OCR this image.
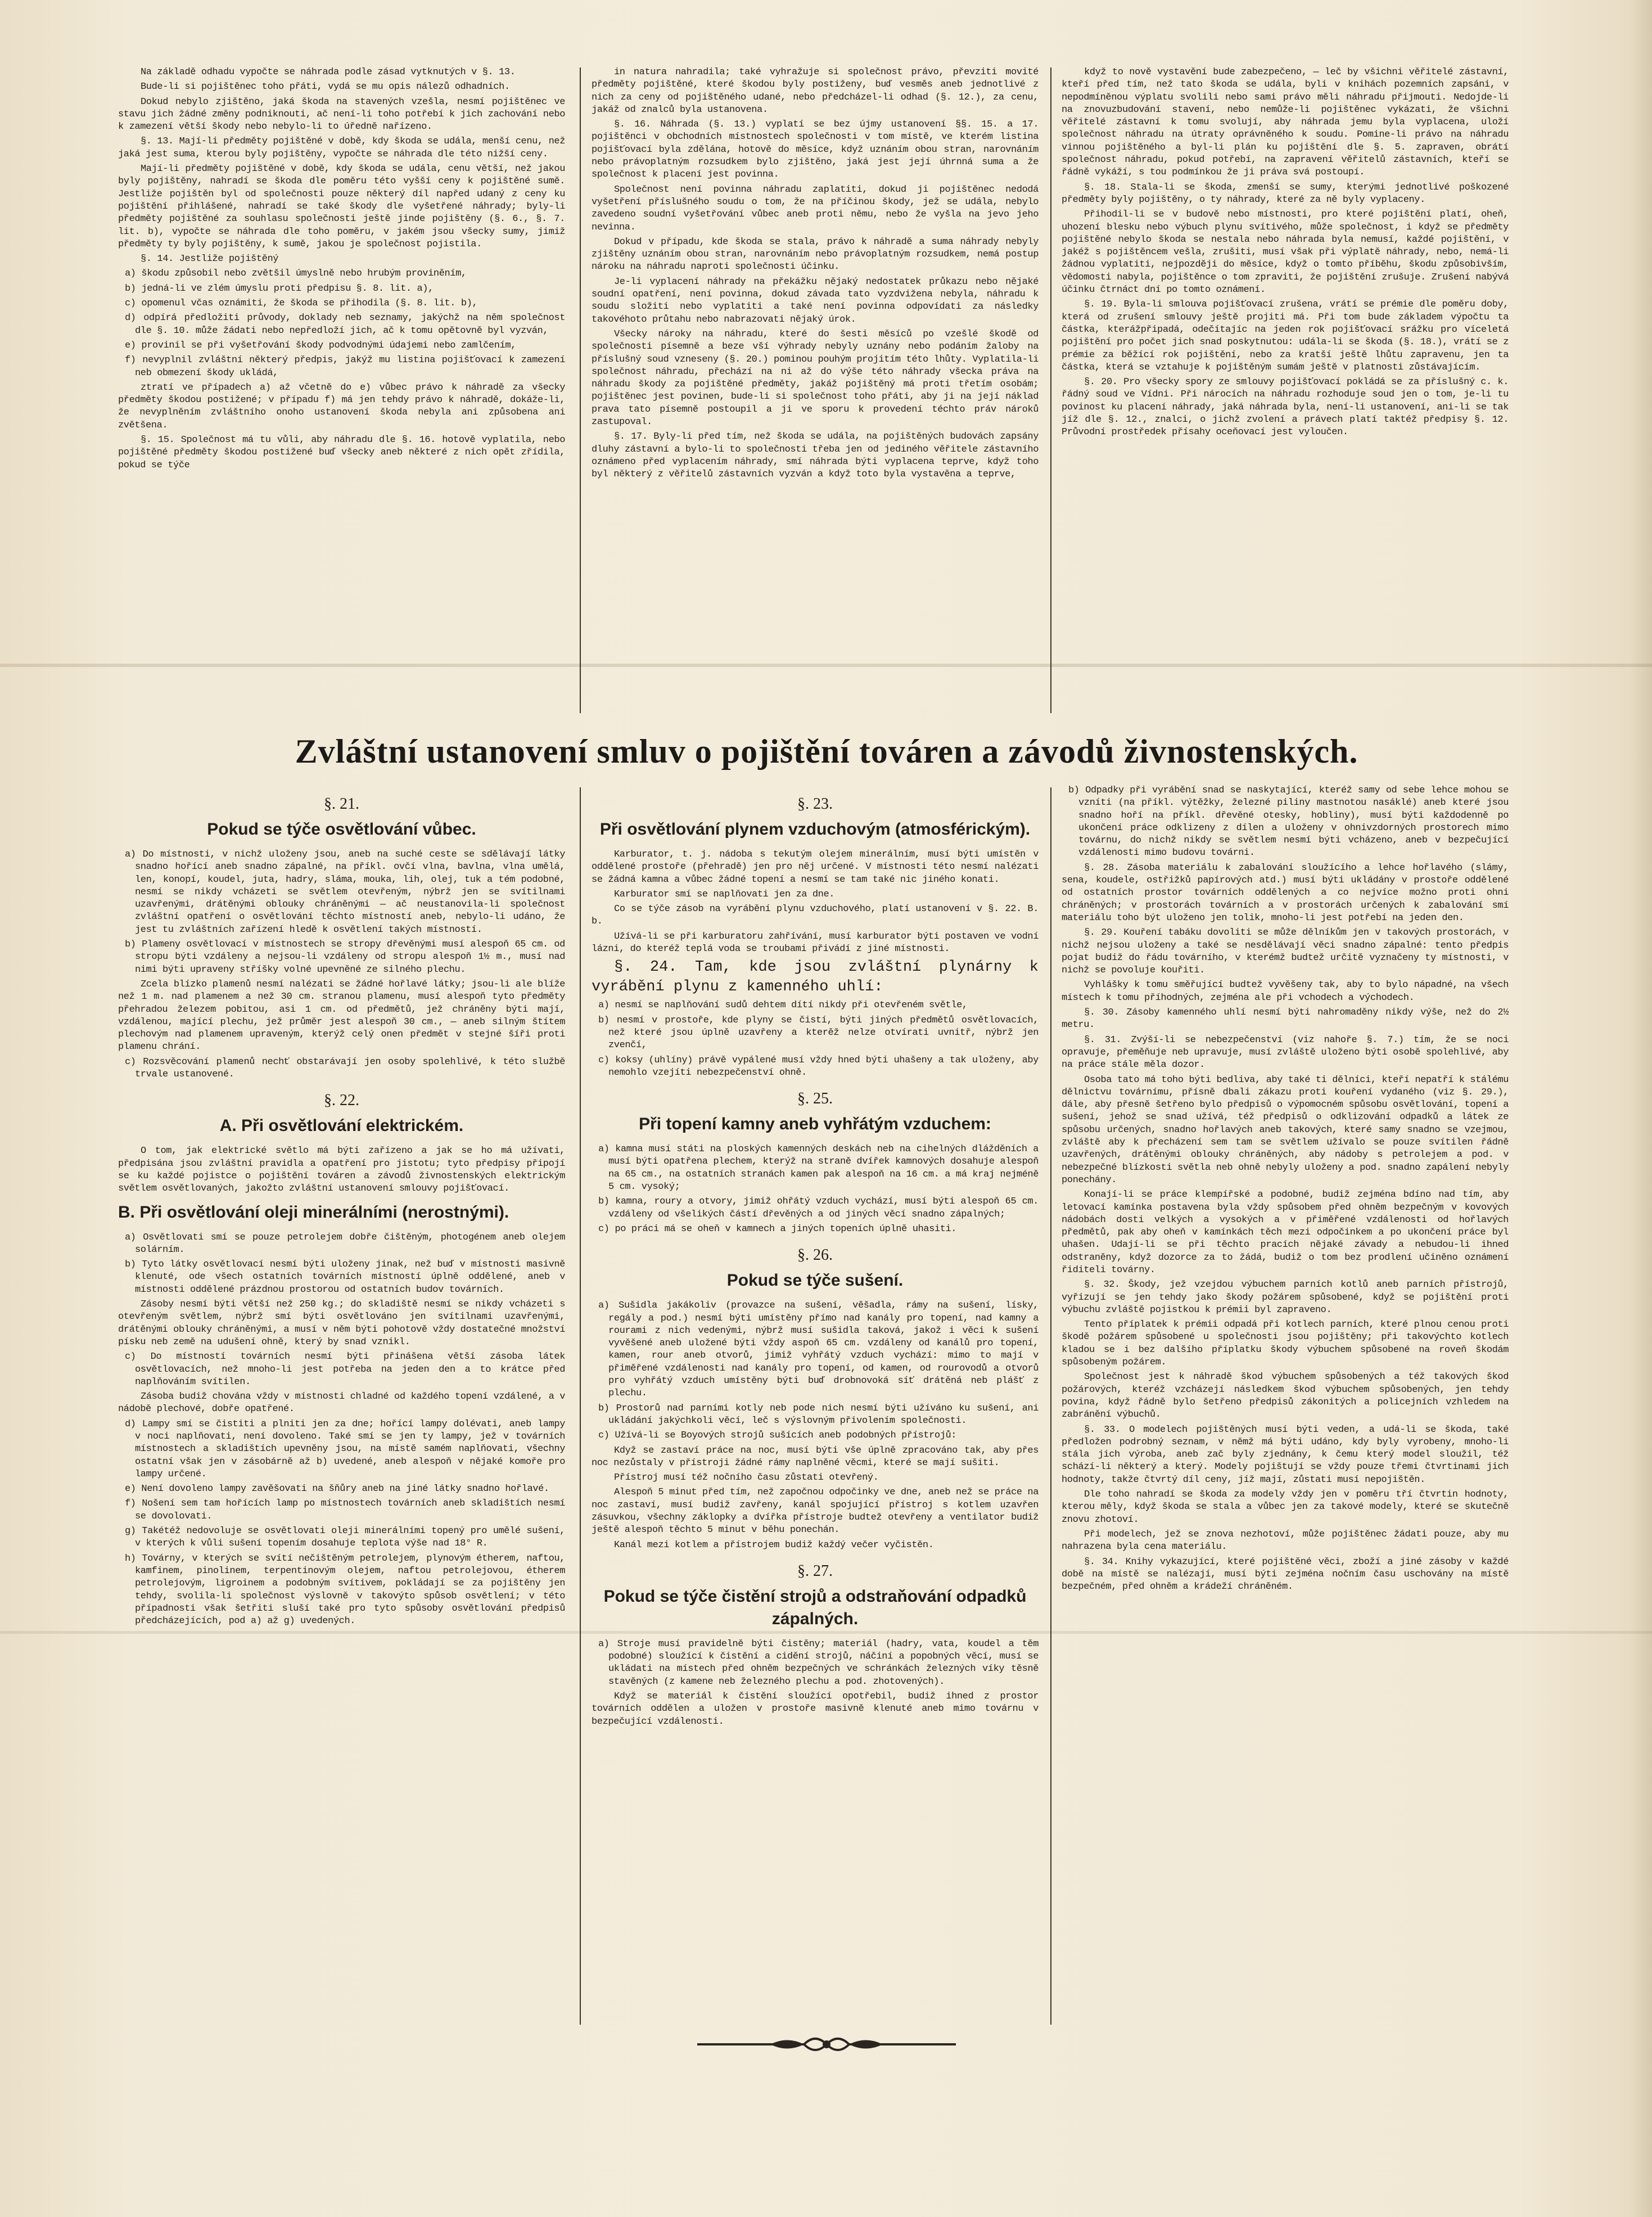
Na základě odhadu vypočte se náhrada podle zásad vytknutých v §. 13.

Bude-li si pojištěnec toho přáti, vydá se mu opis nálezů odhadních.

Dokud nebylo zjištěno, jaká škoda na stavených vzešla, nesmí pojištěnec ve stavu jich žádné změny podniknouti, ač není-li toho potřebí k jich zachování nebo k zamezení větší škody nebo nebylo-li to úředně nařízeno.

§. 13. Mají-li předměty pojištěné v době, kdy škoda se udála, menší cenu, než jaká jest suma, kterou byly pojištěny, vypočte se náhrada dle této nižší ceny.

Mají-li předměty pojištěné v době, kdy škoda se udála, cenu větší, než jakou byly pojištěny, nahradí se škoda dle poměru této vyšší ceny k pojištěné sumě. Jestliže pojištěn byl od společnosti pouze některý díl napřed udaný z ceny ku pojištění přihlášené, nahradí se také škody dle vyšetřené náhrady; byly-li předměty pojištěné za souhlasu společnosti ještě jinde pojištěny (§. 6., §. 7. lit. b), vypočte se náhrada dle toho poměru, v jakém jsou všecky sumy, jimiž předměty ty byly pojištěny, k sumě, jakou je společnost pojistila.

§. 14. Jestliže pojištěný

a) škodu způsobil nebo zvětšil úmyslně nebo hrubým proviněním,

b) jedná-li ve zlém úmyslu proti předpisu §. 8. lit. a),

c) opomenul včas oznámiti, že škoda se přihodila (§. 8. lit. b),

d) odpírá předložiti průvody, doklady neb seznamy, jakýchž na něm společnost dle §. 10. může žádati nebo nepředloží jich, ač k tomu opětovně byl vyzván,

e) provinil se při vyšetřování škody podvodnými údajemi nebo zamlčením,

f) nevyplnil zvláštní některý předpis, jakýž mu listina pojišťovací k zamezení neb obmezení škody ukládá,

ztratí ve případech a) až včetně do e) vůbec právo k náhradě za všecky předměty škodou postižené; v případu f) má jen tehdy právo k náhradě, dokáže-li, že nevyplněním zvláštního onoho ustanovení škoda nebyla ani způsobena ani zvětšena.

§. 15. Společnost má tu vůli, aby náhradu dle §. 16. hotově vyplatila, nebo pojištěné předměty škodou postižené buď všecky aneb některé z nich opět zřídila, pokud se týče

in natura nahradila; také vyhražuje si společnost právo, převziti movité předměty pojištěné, které škodou byly postiženy, buď vesměs aneb jednotlivé z nich za ceny od pojištěného udané, nebo předcházel-li odhad (§. 12.), za cenu, jakáž od znalců byla ustanovena.

§. 16. Náhrada (§. 13.) vyplatí se bez újmy ustanovení §§. 15. a 17. pojištěnci v obchodních místnostech společnosti v tom místě, ve kterém listina pojišťovací byla zdělána, hotově do měsíce, když uznáním obou stran, narovnáním nebo právoplatným rozsudkem bylo zjištěno, jaká jest její úhrnná suma a že společnost k placení jest povinna.

Společnost není povinna náhradu zaplatiti, dokud ji pojištěnec nedodá vyšetření příslušného soudu o tom, že na příčinou škody, jež se udála, nebylo zavedeno soudní vyšetřování vůbec aneb proti němu, nebo že vyšla na jevo jeho nevinna.

Dokud v případu, kde škoda se stala, právo k náhradě a suma náhrady nebyly zjištěny uznáním obou stran, narovnáním nebo právoplatným rozsudkem, nemá postup nároku na náhradu naproti společnosti účinku.

Je-li vyplacení náhrady na překážku nějaký nedostatek průkazu nebo nějaké soudní opatření, není povinna, dokud závada tato vyzdvižena nebyla, náhradu k soudu složiti nebo vyplatiti a také není povinna odpovídati za následky takovéhoto průtahu nebo nabrazovati nějaký úrok.

Všecky nároky na náhradu, které do šesti měsíců po vzešlé škodě od společnosti písemně a beze vší výhrady nebyly uznány nebo podáním žaloby na příslušný soud vzneseny (§. 20.) pominou pouhým projitím této lhůty. Vyplatila-li společnost náhradu, přechází na ni až do výše této náhrady všecka práva na náhradu škody za pojištěné předměty, jakáž pojištěný má proti třetím osobám; pojištěnec jest povinen, bude-li si společnost toho přáti, aby ji na její náklad prava tato písemně postoupil a ji ve sporu k provedení téchto práv nároků zastupoval.

§. 17. Byly-li před tím, než škoda se udála, na pojištěných budovách zapsány dluhy zástavní a bylo-li to společnosti třeba jen od jediného věřitele zástavního oznámeno před vyplacením náhrady, smí náhrada býti vyplacena teprve, když toho byl některý z věřitelů zástavních vyzván a když toto byla vystavěna a teprve,

když to nově vystavění bude zabezpečeno, — leč by všichni věřitelé zástavní, kteří před tím, než tato škoda se udála, byli v knihách pozemních zapsáni, v nepodmíněnou výplatu svolili nebo sami právo měli náhradu přijmouti. Nedojde-li na znovuzbudování stavení, nebo nemůže-li pojištěnec vykázati, že všichni věřitelé zástavní k tomu svolují, aby náhrada jemu byla vyplacena, uloží společnost náhradu na útraty oprávněného k soudu. Pomine-li právo na náhradu vinnou pojištěného a byl-li plán ku pojištění dle §. 5. zapraven, obrátí společnost náhradu, pokud potřebí, na zapravení věřitelů zástavních, kteří se řádně vykáží, s tou podmínkou že ji práva svá postoupí.

§. 18. Stala-li se škoda, zmenší se sumy, kterými jednotlivé poškozené předměty byly pojištěny, o ty náhrady, které za ně byly vyplaceny.

Přihodil-li se v budově nebo místnosti, pro které pojištění platí, oheň, uhození blesku nebo výbuch plynu svítivého, může společnost, i když se předměty pojištěné nebylo škoda se nestala nebo náhrada byla nemusí, každé pojištění, v jakéž s pojištěncem vešla, zrušiti, musí však při výplatě náhrady, nebo, nemá-li žádnou vyplatiti, nejpozději do měsíce, když o tomto příběhu, škodu způsobivším, vědomosti nabyla, pojištěnce o tom zpraviti, že pojištění zrušuje. Zrušení nabývá účinku čtrnáct dní po tomto oznámení.

§. 19. Byla-li smlouva pojišťovací zrušena, vrátí se prémie dle poměru doby, která od zrušení smlouvy ještě projiti má. Při tom bude základem výpočtu ta částka, kterážpřipadá, odečítajíc na jeden rok pojišťovací srážku pro víceletá pojištění pro počet jich snad poskytnutou: udála-li se škoda (§. 18.), vrátí se z prémie za běžící rok pojištění, nebo za kratší ještě lhůtu zapravenu, jen ta částka, která se vztahuje k pojištěným sumám ještě v platnosti zůstávajícím.

§. 20. Pro všecky spory ze smlouvy pojišťovací pokládá se za příslušný c. k. řádný soud ve Vídni. Při nárocích na náhradu rozhoduje soud jen o tom, je-li tu povinost ku placení náhrady, jaká náhrada byla, není-li ustanovení, ani-li se tak jíž dle §. 12., znalci, o jichž zvolení a právech platí taktéž předpisy §. 12. Průvodní prostředek přísahy oceňovací jest vyloučen.

Zvláštní ustanovení smluv o pojištění továren a závodů živnostenských.
§. 21.
Pokud se týče osvětlování vůbec.

a) Do místnosti, v nichž uloženy jsou, aneb na suché ceste se sdělávají látky snadno hořící aneb snadno zápalné, na příkl. ovčí vlna, bavlna, vlna umělá, len, konopí, koudel, juta, hadry, sláma, mouka, lih, olej, tuk a tém podobné, nesmí se nikdy vcházeti se světlem otevřeným, nýbrž jen se svítilnami uzavřenými, drátěnými oblouky chráněnými — ač neustanovila-li společnost zvláštní opatření o osvětlování těchto místností aneb, nebylo-li udáno, že jest tu zvláštních zařízení hledě k osvětlení takých místností.

b) Plameny osvětlovací v místnostech se stropy dřevěnými musí alespoň 65 cm. od stropu býti vzdáleny a nejsou-li vzdáleny od stropu alespoň 1½ m., musí nad nimi býti upraveny stříšky volné upevněné ze silného plechu.

Zcela blízko plamenů nesmí nalézati se žádné hořlavé látky; jsou-li ale blíže než 1 m. nad plamenem a než 30 cm. stranou plamenu, musí alespoň tyto předměty přehradou železem pobitou, asi 1 cm. od předmětů, jež chráněny býti mají, vzdálenou, mající plechu, jež průměr jest alespoň 30 cm., — aneb silným štítem plechovým nad plamenem upraveným, kterýž celý onen předmět v stejné šíři proti plamenu chrání.

c) Rozsvěcování plamenů nechť obstarávají jen osoby spolehlivé, k této službě trvale ustanovené.

§. 22.
A. Při osvětlování elektrickém.

O tom, jak elektrické světlo má býti zařízeno a jak se ho má užívati, předpisána jsou zvláštní pravidla a opatření pro jistotu; tyto předpisy připojí se ku každé pojistce o pojištění továren a závodů živnostenských elektrickým světlem osvětlovaných, jakožto zvláštní ustanovení smlouvy pojišťovací.

B. Při osvětlování oleji minerálními (nerostnými).

a) Osvětlovati smí se pouze petrolejem dobře čištěným, photogénem aneb olejem solárním.

b) Tyto látky osvětlovací nesmí býti uloženy jinak, než buď v místnosti masivně klenuté, ode všech ostatních továrních místností úplně oddělené, aneb v místnosti oddělené prázdnou prostorou od ostatních budov továrních.

Zásoby nesmí býti větší než 250 kg.; do skladiště nesmí se nikdy vcházeti s otevřeným světlem, nýbrž smí býti osvětlováno jen svítilnami uzavřenými, drátěnými oblouky chráněnými, a musí v něm býti pohotově vždy dostatečné množství písku neb země na udušení ohně, který by snad vznikl.

c) Do místností továrních nesmí býti přinášena větší zásoba látek osvětlovacích, než mnoho-li jest potřeba na jeden den a to krátce před naplňováním svítilen.

Zásoba budiž chována vždy v místnosti chladné od každého topení vzdálené, a v nádobě plechové, dobře opatřené.

d) Lampy smí se čistiti a plniti jen za dne; hořící lampy dolévati, aneb lampy v noci naplňovati, není dovoleno. Také smí se jen ty lampy, jež v továrních místnostech a skladištích upevněny jsou, na místě samém naplňovati, všechny ostatní však jen v zásobárně až b) uvedené, aneb alespoň v nějaké komoře pro lampy určené.

e) Není dovoleno lampy zavěšovati na šňůry aneb na jiné látky snadno hořlavé.

f) Nošení sem tam hořících lamp po místnostech továrních aneb skladištích nesmí se dovolovati.

g) Takétéž nedovoluje se osvětlovati oleji minerálními topený pro umělé sušení, v kterých k vůli sušení topením dosahuje teplota výše nad 18° R.

h) Továrny, v kterých se svítí nečištěným petrolejem, plynovým étherem, naftou, kamfinem, pinolinem, terpentinovým olejem, naftou petrolejovou, étherem petrolejovým, ligroinem a podobným svítivem, pokládají se za pojištěny jen tehdy, svolila-li společnost výslovně v takovýto spůsob osvětlení; v této případnosti však šetřiti sluší také pro tyto spůsoby osvětlování předpisů předcházejících, pod a) až g) uvedených.

§. 23.
Při osvětlování plynem vzduchovým (atmosférickým).

Karburator, t. j. nádoba s tekutým olejem minerálním, musí býti umístěn v oddělené prostoře (přehradě) jen pro něj určené. V místnosti této nesmí nalézati se žádná kamna a vůbec žádné topení a nesmí se tam také nic jiného konati.

Karburator smí se naplňovati jen za dne.

Co se týče zásob na vyrábění plynu vzduchového, platí ustanovení v §. 22. B. b.

Užívá-li se při karburatoru zahřívání, musí karburator býti postaven ve vodní lázni, do kteréž teplá voda se troubami přivádí z jiné místnosti.

§. 24. Tam, kde jsou zvláštní plynárny k vyrábění plynu z kamenného uhlí:

a) nesmí se naplňování sudů dehtem dítí nikdy při otevřeném světle,

b) nesmí v prostoře, kde plyny se čistí, býti jiných předmětů osvětlovacích, než které jsou úplně uzavřeny a kterěž nelze otvírati uvnitř, nýbrž jen zvenčí,

c) koksy (uhlíny) právě vypálené musí vždy hned býti uhašeny a tak uloženy, aby nemohlo vzejíti nebezpečenství ohně.

§. 25.
Při topení kamny aneb vyhřátým vzduchem:

a) kamna musí státi na ploských kamenných deskách neb na cihelných dlážděních a musí býti opatřena plechem, kterýž na straně dvířek kamnových dosahuje alespoň na 65 cm., na ostatních stranách kamen pak alespoň na 16 cm. a má kraj nejméně 5 cm. vysoký;

b) kamna, roury a otvory, jimiž ohřátý vzduch vychází, musí býti alespoň 65 cm. vzdáleny od všelikých částí dřevěných a od jiných věcí snadno zápalných;

c) po práci má se oheň v kamnech a jiných topeních úplně uhasiti.

§. 26.
Pokud se týče sušení.

a) Sušidla jakákoliv (provazce na sušení, věšadla, rámy na sušení, lísky, regály a pod.) nesmí býti umístěny přímo nad kanály pro topení, nad kamny a rourami z nich vedenými, nýbrž musí sušidla taková, jakož i věci k sušení vyvěšené aneb uložené býti vždy aspoň 65 cm. vzdáleny od kanálů pro topení, kamen, rour aneb otvorů, jimiž vyhřátý vzduch vychází: mimo to mají v přiměřené vzdálenosti nad kanály pro topení, od kamen, od rourovodů a otvorů pro vyhřátý vzduch umístěny býti buď drobnovoká síť drátěná neb plášť z plechu.

b) Prostorů nad parními kotly neb pode nich nesmí býti užíváno ku sušení, ani ukládání jakýchkoli věcí, leč s výslovným přivolením společnosti.

c) Užívá-li se Boyových strojů sušících aneb podobných přístrojů:

Když se zastaví práce na noc, musí býti vše úplně zpracováno tak, aby přes noc nezůstaly v přístroji žádné rámy naplněné věcmi, které se mají sušiti.

Přístroj musí též nočního času zůstati otevřený.

Alespoň 5 minut před tím, než započnou odpočinky ve dne, aneb než se práce na noc zastaví, musí budiž zavřeny, kanál spojující přístroj s kotlem uzavřen zásuvkou, všechny záklopky a dvířka přístroje budtež otevřeny a ventilator budiž ještě alespoň těchto 5 minut v běhu ponechán.

Kanál mezi kotlem a přístrojem budiž každý večer vyčistěn.

§. 27.
Pokud se týče čistění strojů a odstraňování odpadků zápalných.

a) Stroje musí pravidelně býti čistěny; materiál (hadry, vata, koudel a těm podobné) sloužící k čistění a cidění strojů, náčiní a popobných věcí, musí se ukládati na místech před ohněm bezpečných ve schránkách železných víky těsně stavěných (z kamene neb železného plechu a pod. zhotovených).

Když se materiál k čistění sloužící opotřebil, budiž ihned z prostor továrních oddělen a uložen v prostoře masivně klenuté aneb mimo továrnu v bezpečující vzdálenosti.

b) Odpadky při vyrábění snad se naskytající, kteréž samy od sebe lehce mohou se vzníti (na příkl. výtěžky, železné piliny mastnotou nasáklé) aneb které jsou snadno hoří na příkl. dřevěné otesky, hobliny), musí býti každodenně po ukončení práce odklizeny z dílen a uloženy v ohnivzdorných prostorech mimo továrnu, do nichž nikdy se světlem nesmí býti vcházeno, aneb v bezpečující vzdálenosti mimo budovu továrni.

§. 28. Zásoba materiálu k zabalování sloužícího a lehce hořlavého (slámy, sena, koudele, ostřižků papírových atd.) musí býti ukládány v prostoře oddělené od ostatních prostor továrních oddělených a co nejvíce možno proti ohni chráněných; v prostorách továrních a v prostorách určených k zabalování smí materiálu toho být uloženo jen tolik, mnoho-li jest potřebí na jeden den.

§. 29. Kouření tabáku dovoliti se může dělníkům jen v takových prostorách, v nichž nejsou uloženy a také se nesdělávají věci snadno zápalné: tento předpis pojat budiž do řádu továrního, v kterémž budtež určitě vyznačeny ty místnosti, v nichž se povoluje kouřiti.

Vyhlášky k tomu směřující budtež vyvěšeny tak, aby to bylo nápadné, na všech místech k tomu příhodných, zejména ale při vchodech a východech.

§. 30. Zásoby kamenného uhlí nesmí býti nahromaděny nikdy výše, než do 2½ metru.

§. 31. Zvýší-li se nebezpečenství (viz nahoře §. 7.) tím, že se noci opravuje, přeměňuje neb upravuje, musí zvláště uloženo býti osobě spolehlivé, aby na práce stále měla dozor.

Osoba tato má toho býti bedliva, aby také ti dělníci, kteří nepatří k stálému dělnictvu továrnímu, přísně dbali zákazu proti kouření vydaného (viz §. 29.), dále, aby přesně šetřeno bylo předpisů o výpomocném spůsobu osvětlování, topení a sušení, jehož se snad užívá, též předpisů o odklizování odpadků a látek ze spůsobu určených, snadno hořlavých aneb takových, které samy snadno se vzejmou, zvláště aby k přecházení sem tam se světlem užívalo se pouze svítilen řádně uzavřených, drátěnými oblouky chráněných, aby nádoby s petrolejem a pod. v nebezpečné blízkosti světla neb ohně nebyly uloženy a pod. snadno zapálení nebyly ponechány.

Konají-li se práce klempířské a podobné, budiž zejména bdíno nad tím, aby letovací kamínka postavena byla vždy spůsobem před ohněm bezpečným v kovových nádobách dosti velkých a vysokých a v přiměřené vzdálenosti od hořlavých předmětů, pak aby oheň v kamínkách těch mezi odpočinkem a po ukončení práce byl uhašen. Udají-li se při těchto pracích nějaké závady a nebudou-li ihned odstraněny, když dozorce za to žádá, budiž o tom bez prodlení učiněno oznámení řiditeli továrny.

§. 32. Škody, jež vzejdou výbuchem parních kotlů aneb parních přístrojů, vyřizují se jen tehdy jako škody požárem spůsobené, když se pojištění proti výbuchu zvláště pojistkou k prémii byl zapraveno.

Tento příplatek k prémii odpadá při kotlech parních, které plnou cenou proti škodě požárem spůsobené u společnosti jsou pojištěny; při takovýchto kotlech kladou se i bez dalšího příplatku škody výbuchem spůsobené na roveň škodám spůsobeným požárem.

Společnost jest k náhradě škod výbuchem spůsobených a též takových škod požárových, kteréž vzcházejí následkem škod výbuchem spůsobených, jen tehdy povina, když řádně bylo šetřeno předpisů zákonitých a policejních vzhledem na zabránění výbuchů.

§. 33. O modelech pojištěných musí býti veden, a udá-li se škoda, také předložen podrobný seznam, v němž má býti udáno, kdy byly vyrobeny, mnoho-li stála jich výroba, aneb zač byly zjednány, k čemu který model sloužil, též schází-li některý a který. Modely pojištují se vždy pouze třemi čtvrtinami jich hodnoty, takže čtvrtý díl ceny, jíž mají, zůstati musí nepojištěn.

Dle toho nahradí se škoda za modely vždy jen v poměru tří čtvrtin hodnoty, kterou měly, když škoda se stala a vůbec jen za takové modely, které se skutečně znovu zhotoví.

Při modelech, jež se znova nezhotoví, může pojištěnec žádati pouze, aby mu nahrazena byla cena materiálu.

§. 34. Knihy vykazující, které pojištěné věci, zboží a jiné zásoby v každé době na místě se nalézají, musí býti zejména nočním času uschovány na místě bezpečném, před ohněm a krádeží chráněném.
